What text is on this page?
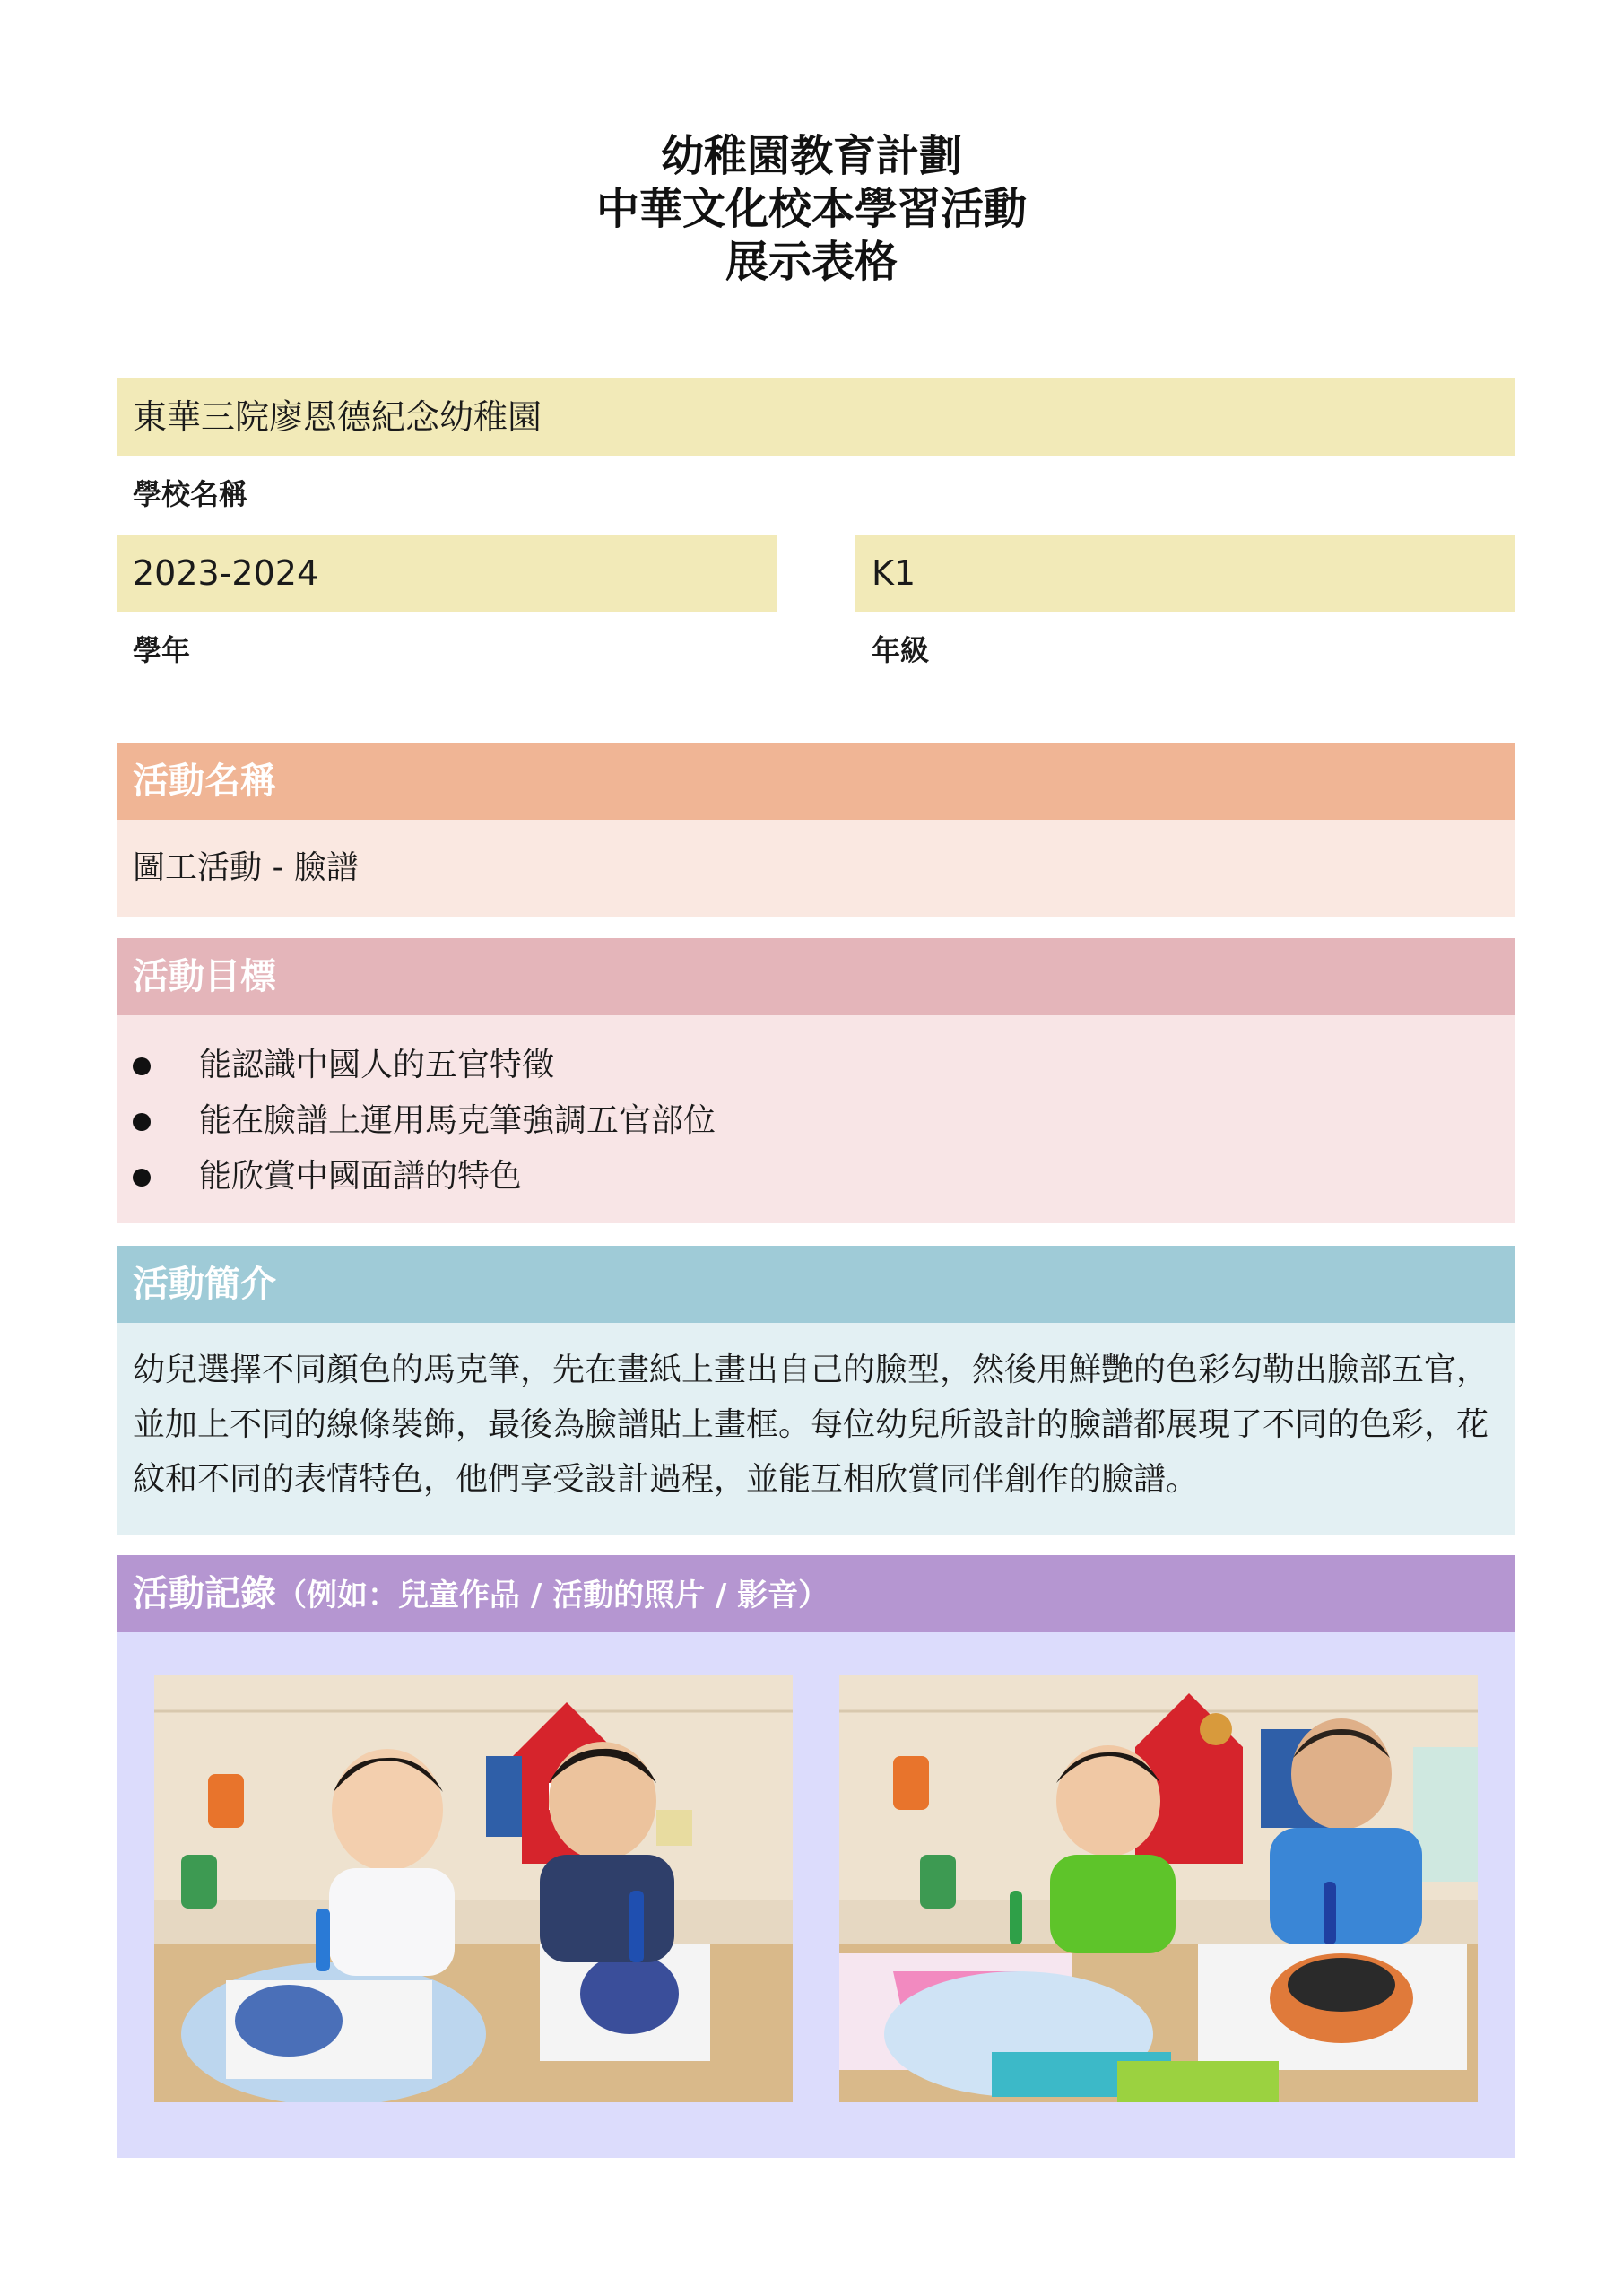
幼稚園教育計劃
中華文化校本學習活動
展示表格
東華三院廖恩德紀念幼稚園
學校名稱
2023-2024
學年
K1
年級
活動名稱
圖工活動 - 臉譜
活動目標
能認識中國人的五官特徵
能在臉譜上運用馬克筆強調五官部位
能欣賞中國面譜的特色
活動簡介
幼兒選擇不同顏色的馬克筆，先在畫紙上畫出自己的臉型，然後用鮮艷的色彩勾勒出臉部五官，並加上不同的線條裝飾，最後為臉譜貼上畫框。每位幼兒所設計的臉譜都展現了不同的色彩，花紋和不同的表情特色，他們享受設計過程，並能互相欣賞同伴創作的臉譜。
活動記錄（例如：兒童作品 / 活動的照片 / 影音）
